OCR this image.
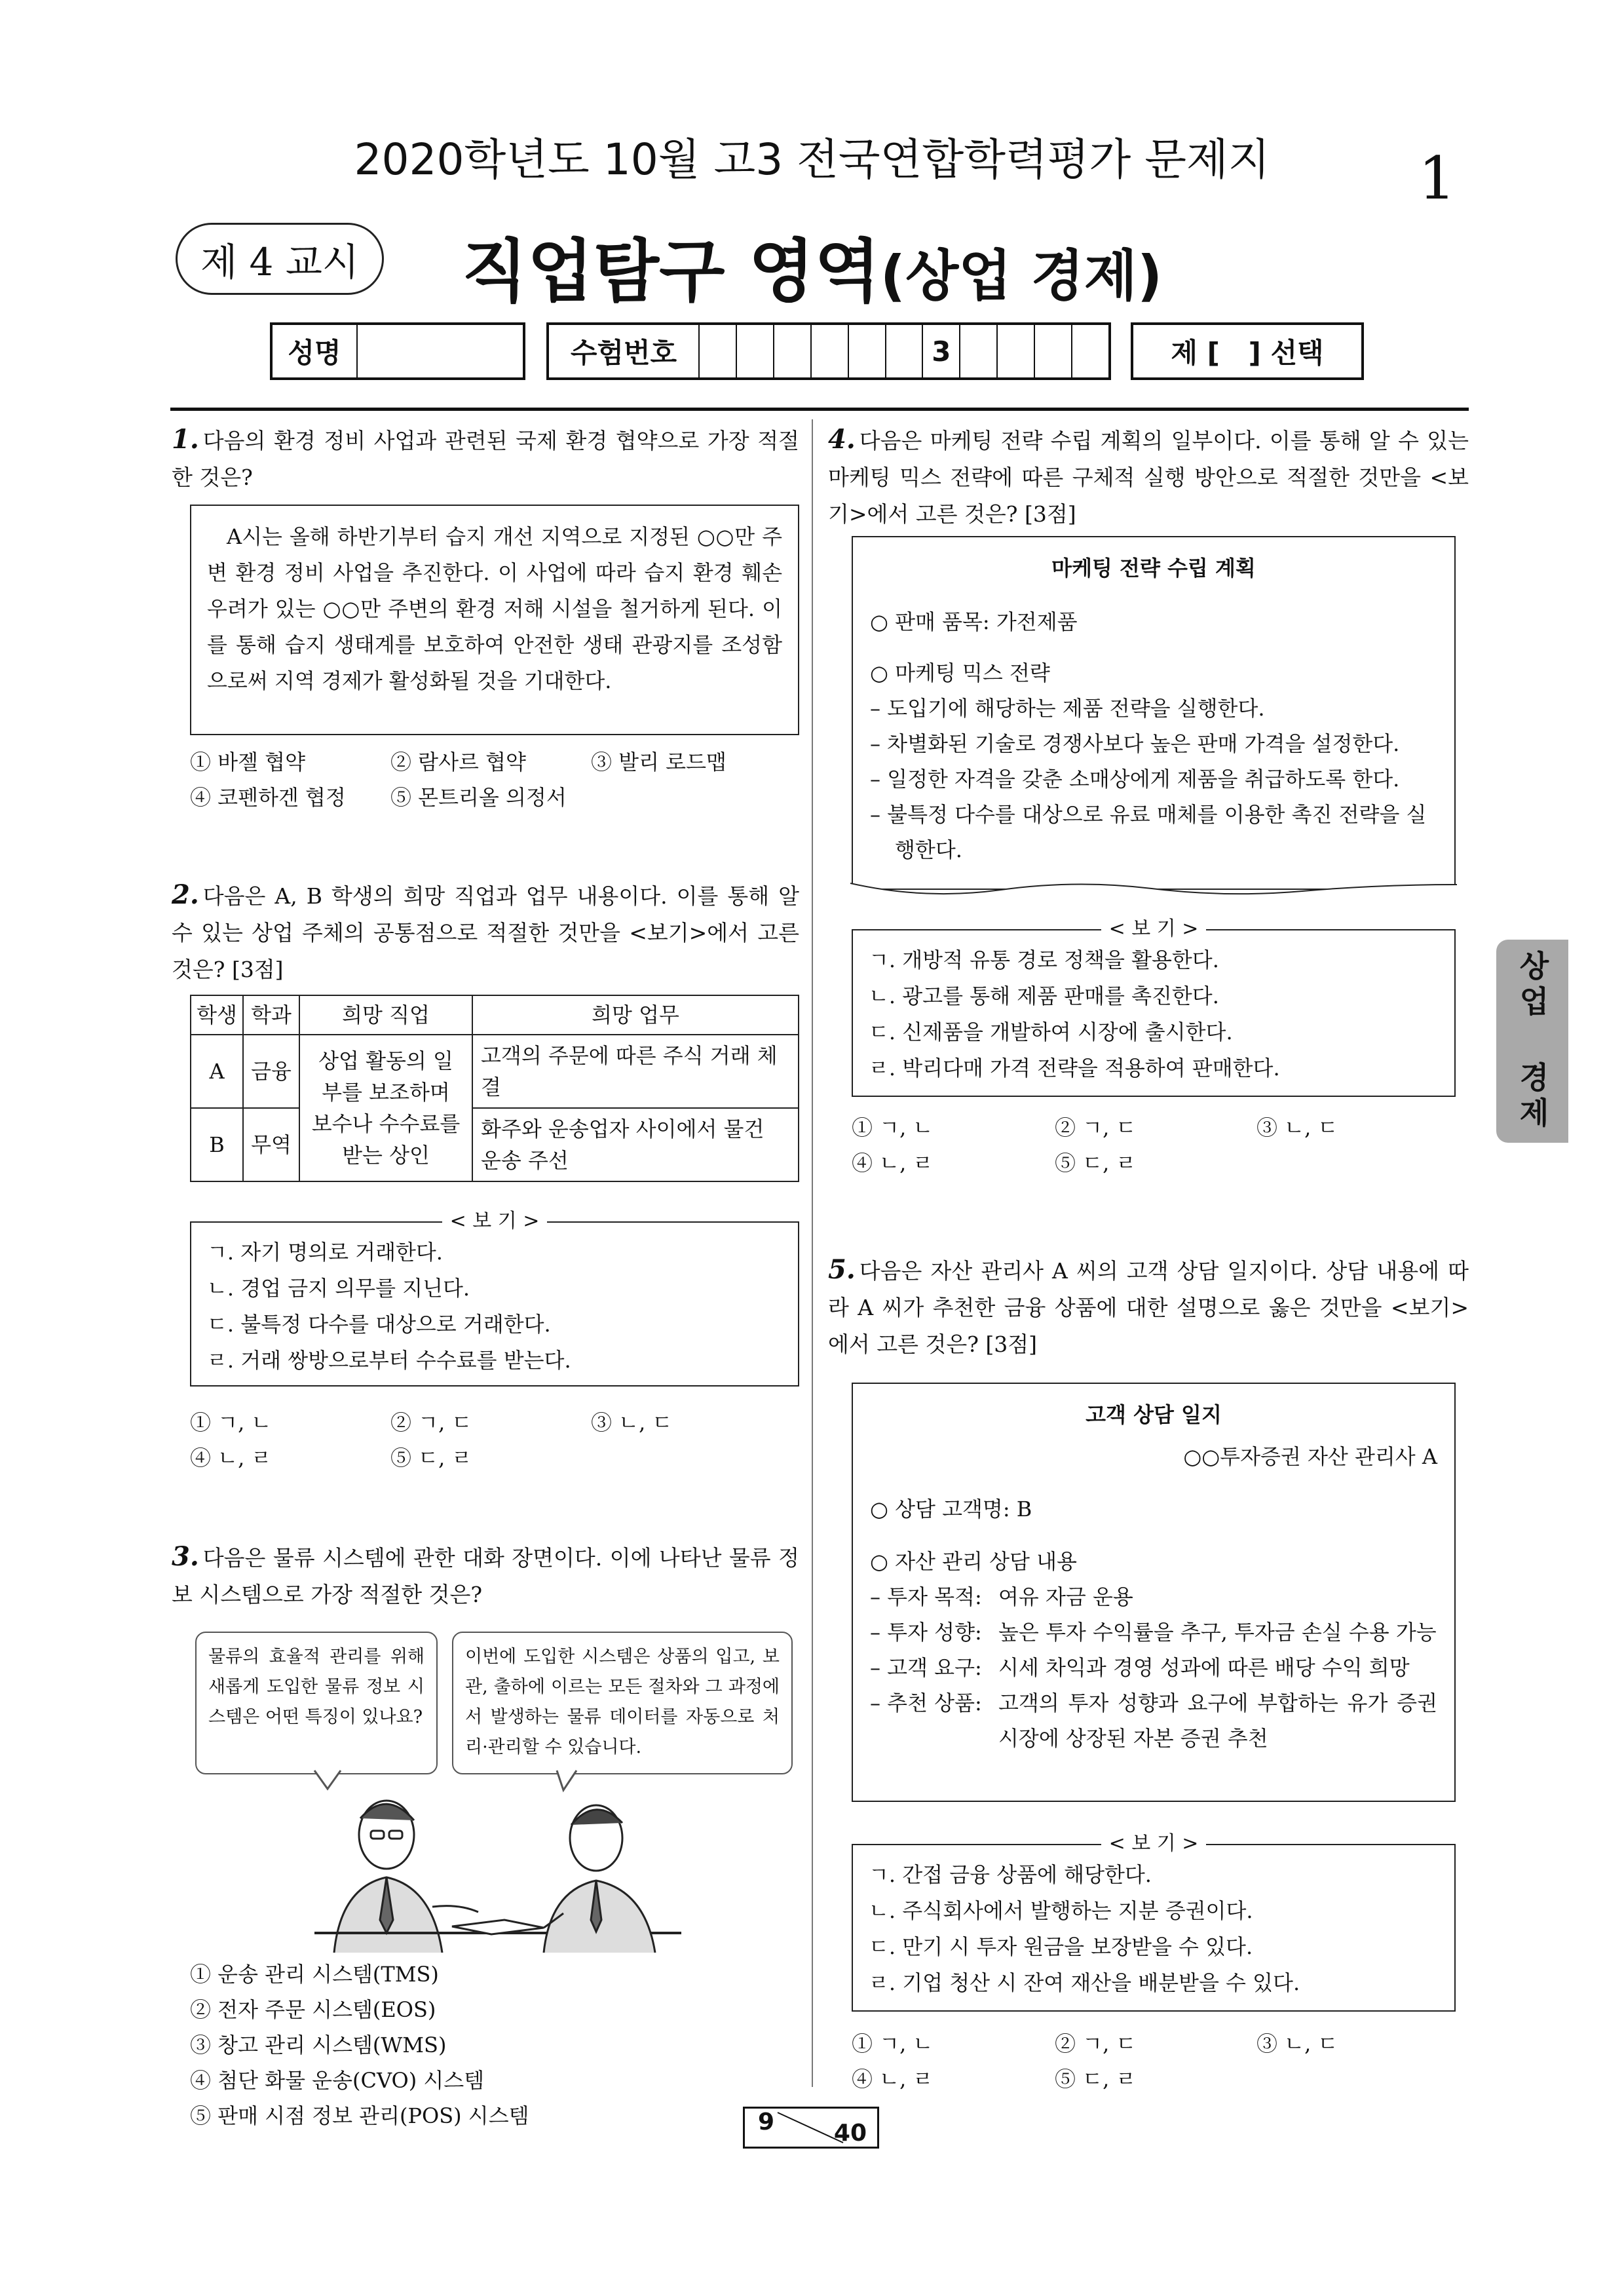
2020학년도 10월 고3 전국연합학력평가 문제지	1
제 4 교시	직업탐구 영역(상업 경제)
성명	수험번호	3	제 [   ] 선택
상업 경제
1. 다음의 환경 정비 사업과 관련된 국제 환경 협약으로 가장 적절한 것은?
A시는 올해 하반기부터 습지 개선 지역으로 지정된 ○○만 주변 환경 정비 사업을 추진한다. 이 사업에 따라 습지 환경 훼손 우려가 있는 ○○만 주변의 환경 저해 시설을 철거하게 된다. 이를 통해 습지 생태계를 보호하여 안전한 생태 관광지를 조성함으로써 지역 경제가 활성화될 것을 기대한다.
① 바젤 협약	② 람사르 협약	③ 발리 로드맵
④ 코펜하겐 협정 ⑤ 몬트리올 의정서
2. 다음은 A, B 학생의 희망 직업과 업무 내용이다. 이를 통해 알 수 있는 상업 주체의 공통점으로 적절한 것만을 <보기>에서 고른 것은? [3점]
학생	학과	희망 직업	희망 업무
A	금융	상업 활동의 일부를 보조하며 보수나 수수료를 받는 상인	고객의 주문에 따른 주식 거래 체결
B	무역		화주와 운송업자 사이에서 물건 운송 주선
< 보 기 >
ㄱ. 자기 명의로 거래한다.
ㄴ. 경업 금지 의무를 지닌다.
ㄷ. 불특정 다수를 대상으로 거래한다.
ㄹ. 거래 쌍방으로부터 수수료를 받는다.
① ㄱ, ㄴ	② ㄱ, ㄷ	③ ㄴ, ㄷ
④ ㄴ, ㄹ	⑤ ㄷ, ㄹ
3. 다음은 물류 시스템에 관한 대화 장면이다. 이에 나타난 물류 정보 시스템으로 가장 적절한 것은?
물류의 효율적 관리를 위해 새롭게 도입한 물류 정보 시스템은 어떤 특징이 있나요?
이번에 도입한 시스템은 상품의 입고, 보관, 출하에 이르는 모든 절차와 그 과정에서 발생하는 물류 데이터를 자동으로 처리·관리할 수 있습니다.
① 운송 관리 시스템(TMS)
② 전자 주문 시스템(EOS)
③ 창고 관리 시스템(WMS)
④ 첨단 화물 운송(CVO) 시스템
⑤ 판매 시점 정보 관리(POS) 시스템
4. 다음은 마케팅 전략 수립 계획의 일부이다. 이를 통해 알 수 있는 마케팅 믹스 전략에 따른 구체적 실행 방안으로 적절한 것만을 <보기>에서 고른 것은? [3점]
마케팅 전략 수립 계획
○ 판매 품목: 가전제품
○ 마케팅 믹스 전략
– 도입기에 해당하는 제품 전략을 실행한다.
– 차별화된 기술로 경쟁사보다 높은 판매 가격을 설정한다.
– 일정한 자격을 갖춘 소매상에게 제품을 취급하도록 한다.
– 불특정 다수를 대상으로 유료 매체를 이용한 촉진 전략을 실행한다.
< 보 기 >
ㄱ. 개방적 유통 경로 정책을 활용한다.
ㄴ. 광고를 통해 제품 판매를 촉진한다.
ㄷ. 신제품을 개발하여 시장에 출시한다.
ㄹ. 박리다매 가격 전략을 적용하여 판매한다.
① ㄱ, ㄴ	② ㄱ, ㄷ	③ ㄴ, ㄷ
④ ㄴ, ㄹ	⑤ ㄷ, ㄹ
5. 다음은 자산 관리사 A 씨의 고객 상담 일지이다. 상담 내용에 따라 A 씨가 추천한 금융 상품에 대한 설명으로 옳은 것만을 <보기>에서 고른 것은? [3점]
고객 상담 일지
○○투자증권 자산 관리사 A
○ 상담 고객명: B
○ 자산 관리 상담 내용
– 투자 목적: 여유 자금 운용
– 투자 성향: 높은 투자 수익률을 추구, 투자금 손실 수용 가능
– 고객 요구: 시세 차익과 경영 성과에 따른 배당 수익 희망
– 추천 상품: 고객의 투자 성향과 요구에 부합하는 유가 증권 시장에 상장된 자본 증권 추천
< 보 기 >
ㄱ. 간접 금융 상품에 해당한다.
ㄴ. 주식회사에서 발행하는 지분 증권이다.
ㄷ. 만기 시 투자 원금을 보장받을 수 있다.
ㄹ. 기업 청산 시 잔여 재산을 배분받을 수 있다.
① ㄱ, ㄴ	② ㄱ, ㄷ	③ ㄴ, ㄷ
④ ㄴ, ㄹ	⑤ ㄷ, ㄹ
9	40
